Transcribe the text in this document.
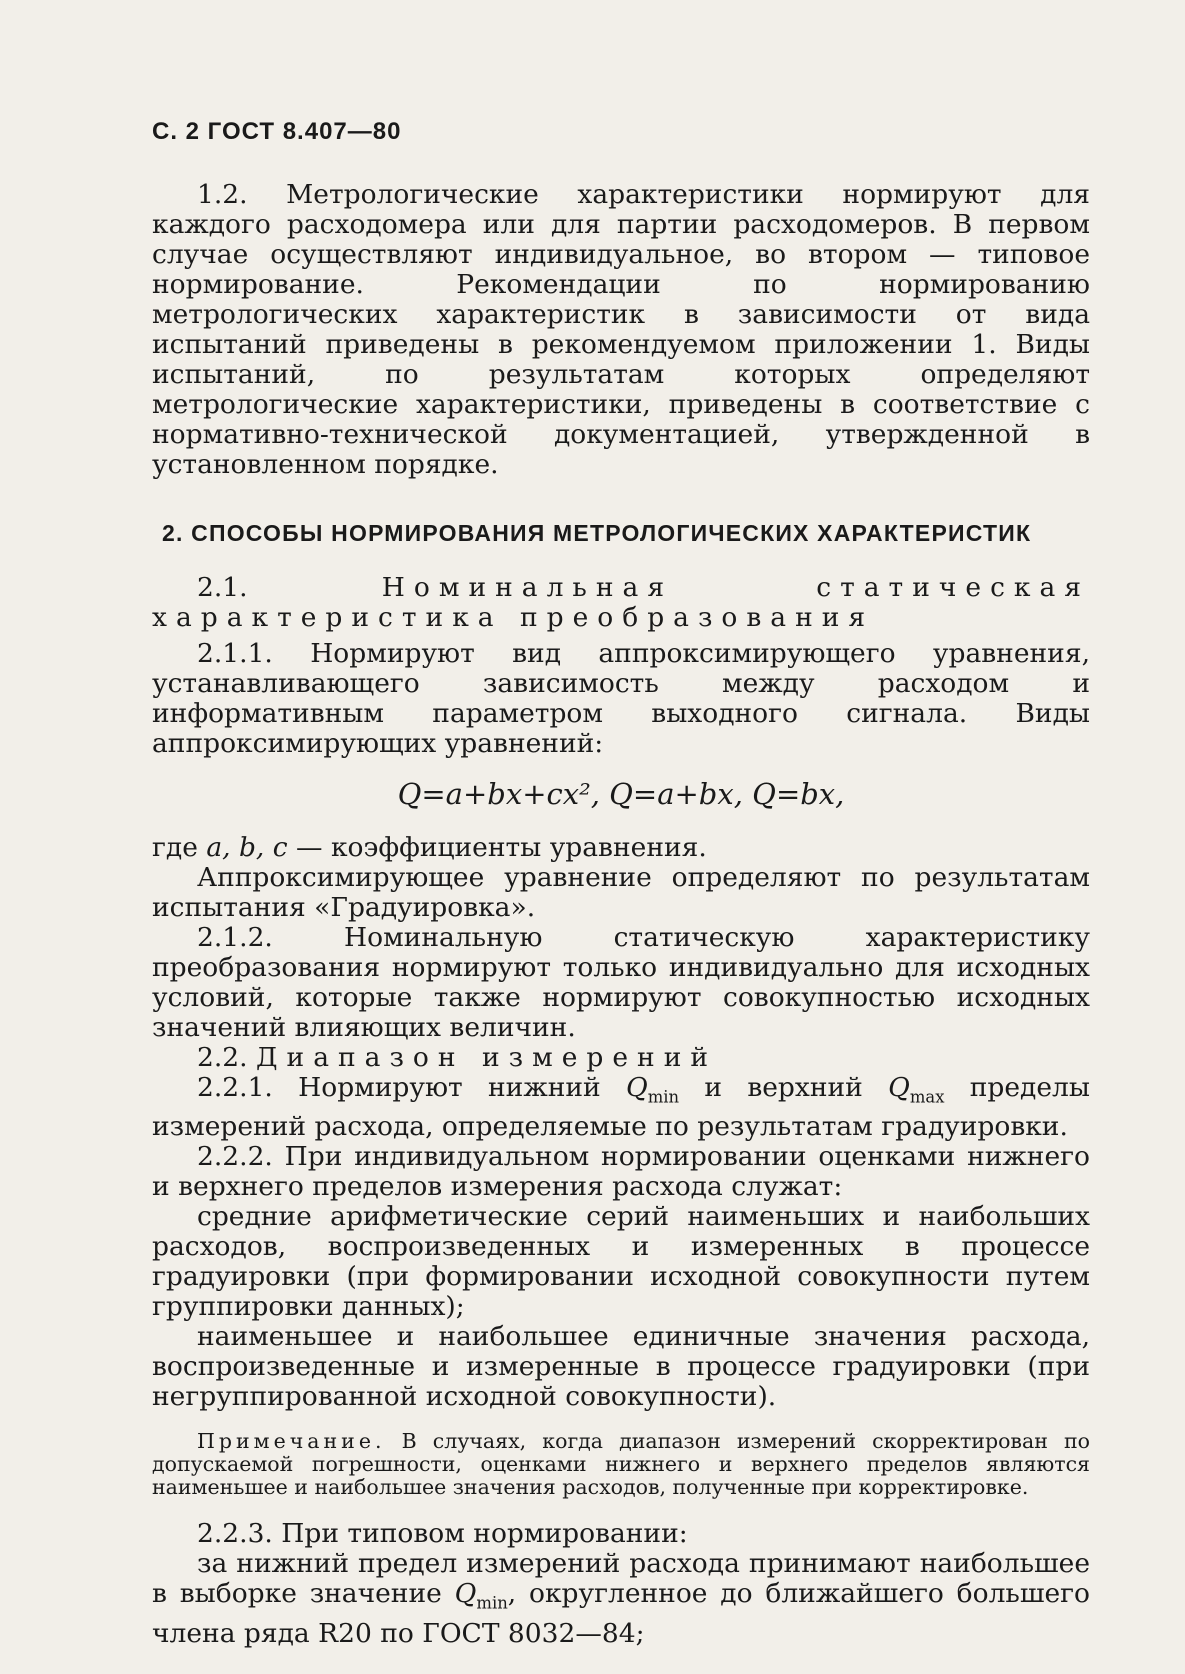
С. 2 ГОСТ 8.407—80

1.2. Метрологические характеристики нормируют для каждого расходомера или для партии расходомеров. В первом случае осуществляют индивидуальное, во втором — типовое нормирование. Рекомендации по нормированию метрологических характеристик в зависимости от вида испытаний приведены в рекомендуемом приложении 1. Виды испытаний, по результатам которых определяют метрологические характеристики, приведены в соответствие с нормативно-технической документацией, утвержденной в установленном порядке.

2. СПОСОБЫ НОРМИРОВАНИЯ МЕТРОЛОГИЧЕСКИХ ХАРАКТЕРИСТИК

2.1.	Номинальная статическая характеристика преобразования

2.1.1. Нормируют вид аппроксимирующего уравнения, устанавливающего зависимость между расходом и информативным параметром выходного сигнала. Виды аппроксимирующих уравнений:

Q=a+bx+cx², Q=a+bx, Q=bx,

где a, b, c — коэффициенты уравнения.

Аппроксимирующее уравнение определяют по результатам испытания «Градуировка».

2.1.2. Номинальную статическую характеристику преобразования нормируют только индивидуально для исходных условий, которые также нормируют совокупностью исходных значений влияющих величин.

2.2. Диапазон измерений

2.2.1. Нормируют нижний $Q_{min}$ и верхний $Q_{max}$ пределы измерений расхода, определяемые по результатам градуировки.

2.2.2. При индивидуальном нормировании оценками нижнего и верхнего пределов измерения расхода служат:

средние арифметические серий наименьших и наибольших расходов, воспроизведенных и измеренных в процессе градуировки (при формировании исходной совокупности путем группировки данных);

наименьшее и наибольшее единичные значения расхода, воспроизведенные и измеренные в процессе градуировки (при негруппированной исходной совокупности).

Примечание. В случаях, когда диапазон измерений скорректирован по допускаемой погрешности, оценками нижнего и верхнего пределов являются наименьшее и наибольшее значения расходов, полученные при корректировке.

2.2.3. При типовом нормировании:

за нижний предел измерений расхода принимают наибольшее в выборке значение $Q_{min}$, округленное до ближайшего большего члена ряда R20 по ГОСТ 8032—84;
